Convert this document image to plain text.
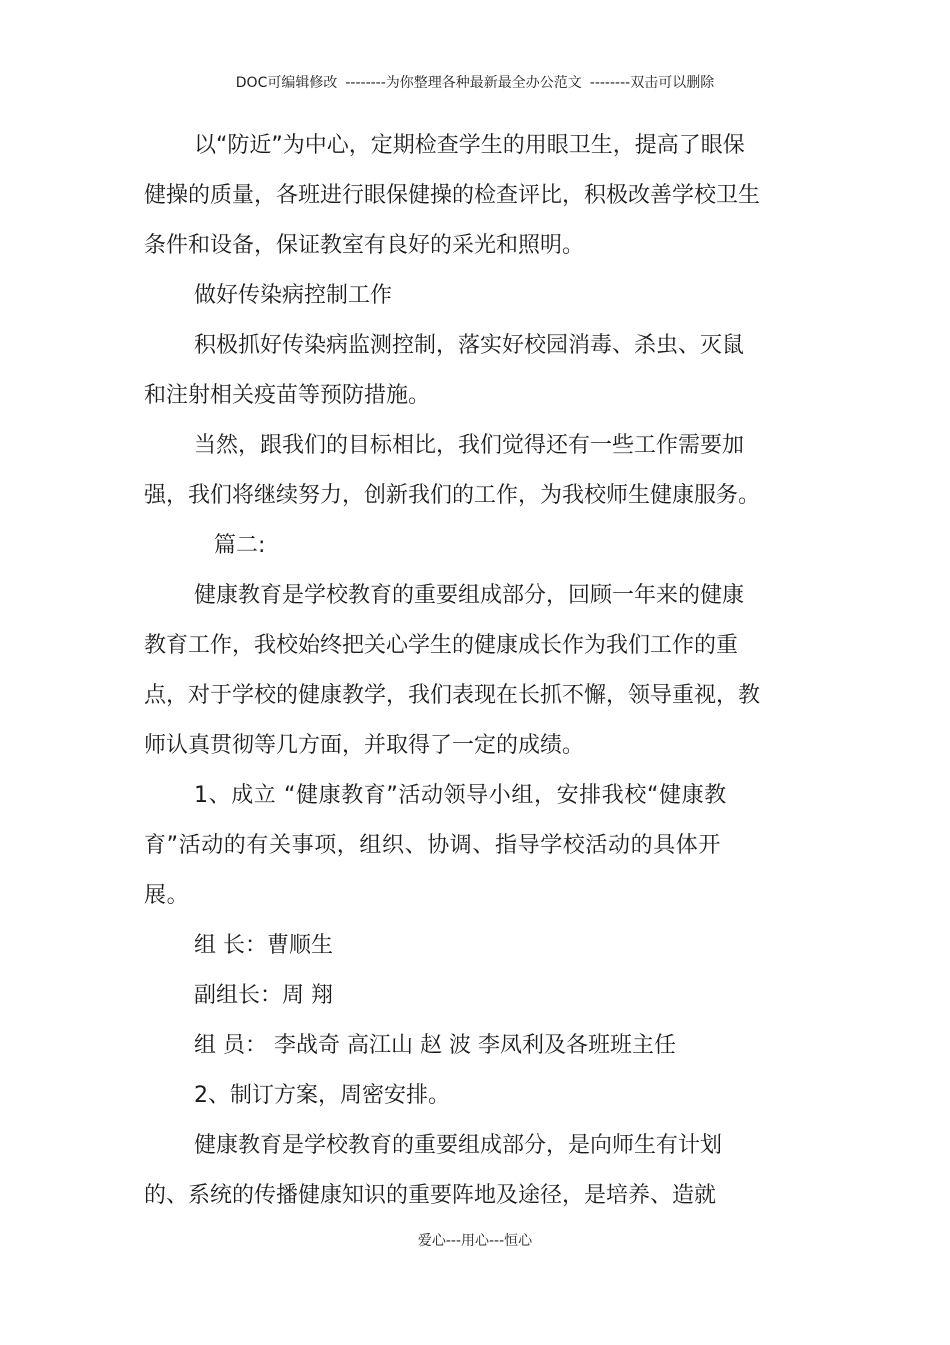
DOC可编辑修改 --------为你整理各种最新最全办公范文 --------双击可以删除

以“防近”为中心，定期检查学生的用眼卫生，提高了眼保健操的质量，各班进行眼保健操的检查评比，积极改善学校卫生条件和设备，保证教室有良好的采光和照明。

做好传染病控制工作

积极抓好传染病监测控制，落实好校园消毒、杀虫、灭鼠和注射相关疫苗等预防措施。

当然，跟我们的目标相比，我们觉得还有一些工作需要加强，我们将继续努力，创新我们的工作，为我校师生健康服务。篇二:

健康教育是学校教育的重要组成部分，回顾一年来的健康教育工作，我校始终把关心学生的健康成长作为我们工作的重点，对于学校的健康教学，我们表现在长抓不懈，领导重视，教师认真贯彻等几方面，并取得了一定的成绩。

1、成立 “健康教育”活动领导小组，安排我校“健康教育”活动的有关事项，组织、协调、指导学校活动的具体开展。

组 长：曹顺生

副组长：周 翔

组 员： 李战奇 高江山 赵 波 李凤利及各班班主任

2、制订方案，周密安排。

健康教育是学校教育的重要组成部分，是向师生有计划的、系统的传播健康知识的重要阵地及途径，是培养、造就

爱心---用心---恒心
